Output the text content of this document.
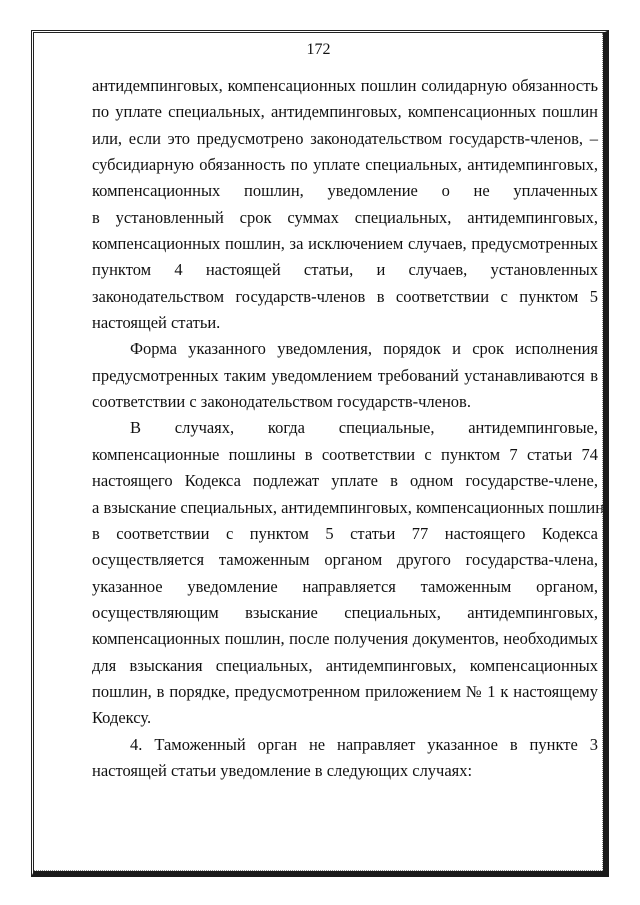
172
антидемпинговых, компенсационных пошлин солидарную обязанность
по уплате специальных, антидемпинговых, компенсационных пошлин
или, если это предусмотрено законодательством государств-членов, –
субсидиарную обязанность по уплате специальных, антидемпинговых,
компенсационных пошлин, уведомление о не уплаченных
в установленный срок суммах специальных, антидемпинговых,
компенсационных пошлин, за исключением случаев, предусмотренных
пунктом 4 настоящей статьи, и случаев, установленных
законодательством государств-членов в соответствии с пунктом 5
настоящей статьи.
Форма указанного уведомления, порядок и срок исполнения
предусмотренных таким уведомлением требований устанавливаются в
соответствии с законодательством государств-членов.
В случаях, когда специальные, антидемпинговые,
компенсационные пошлины в соответствии с пунктом 7 статьи 74
настоящего Кодекса подлежат уплате в одном государстве-члене,
а взыскание специальных, антидемпинговых, компенсационных пошлин
в соответствии с пунктом 5 статьи 77 настоящего Кодекса
осуществляется таможенным органом другого государства-члена,
указанное уведомление направляется таможенным органом,
осуществляющим взыскание специальных, антидемпинговых,
компенсационных пошлин, после получения документов, необходимых
для взыскания специальных, антидемпинговых, компенсационных
пошлин, в порядке, предусмотренном приложением № 1 к настоящему
Кодексу.
4. Таможенный орган не направляет указанное в пункте 3
настоящей статьи уведомление в следующих случаях:
